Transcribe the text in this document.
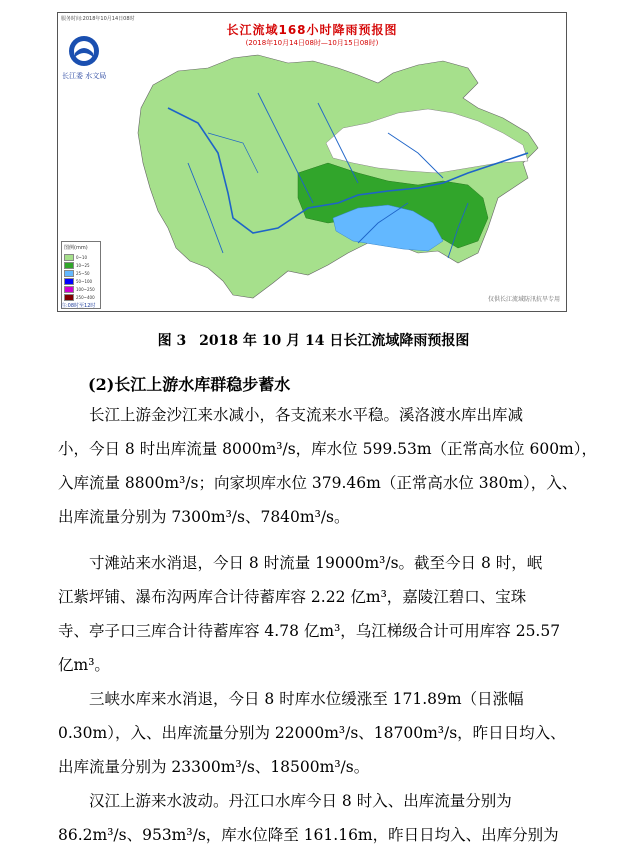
服务时间:2018年10月14日08时
长江流域168小时降雨预报图
(2018年10月14日08时—10月15日08时)
长江委 水文局
图例(mm)
0~10
10~25
25~50
50~100
100~250
250~400
注:08时至12时
仅供长江流域防汛抗旱专用
图 3 2018 年 10 月 14 日长江流域降雨预报图
(2)长江上游水库群稳步蓄水
　　长江上游金沙江来水减小，各支流来水平稳。溪洛渡水库出库减
小，今日 8 时出库流量 8000m³/s，库水位 599.53m（正常高水位 600m），
入库流量 8800m³/s；向家坝库水位 379.46m（正常高水位 380m），入、
出库流量分别为 7300m³/s、7840m³/s。
　　寸滩站来水消退，今日 8 时流量 19000m³/s。截至今日 8 时，岷
江紫坪铺、瀑布沟两库合计待蓄库容 2.22 亿m³，嘉陵江碧口、宝珠
寺、亭子口三库合计待蓄库容 4.78 亿m³，乌江梯级合计可用库容 25.57
亿m³。
　　三峡水库来水消退，今日 8 时库水位缓涨至 171.89m（日涨幅
0.30m），入、出库流量分别为 22000m³/s、18700m³/s，昨日日均入、
出库流量分别为 23300m³/s、18500m³/s。
　　汉江上游来水波动。丹江口水库今日 8 时入、出库流量分别为
86.2m³/s、953m³/s，库水位降至 161.16m，昨日日均入、出库分别为
